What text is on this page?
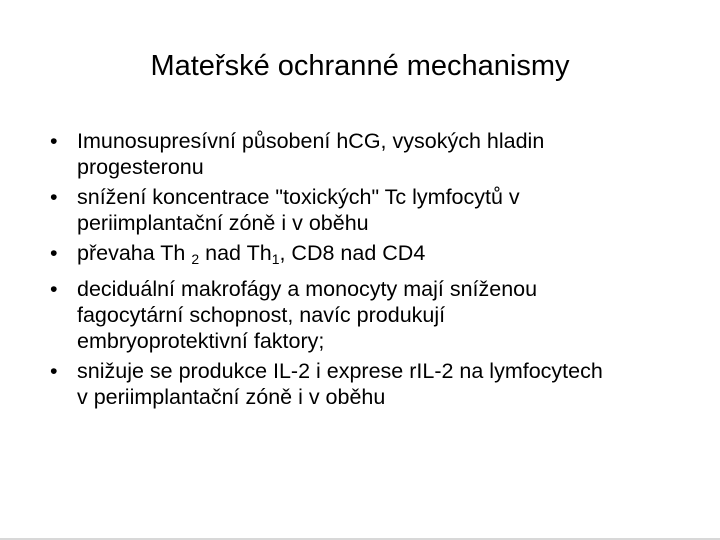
Mateřské ochranné mechanismy
• Imunosupresívní působení hCG, vysokých hladin
progesteronu
• snížení koncentrace "toxických" Tc lymfocytů v
periimplantační zóně i v oběhu
• převaha Th $_2$ nad $Th_1$, CD8 nad CD4
• deciduální makrofágy a monocyty mají sníženou
fagocytární schopnost, navíc produkují
embryoprotektivní faktory;
• snižuje se produkce IL-2 i exprese rIL-2 na lymfocytech
v periimplantační zóně i v oběhu
